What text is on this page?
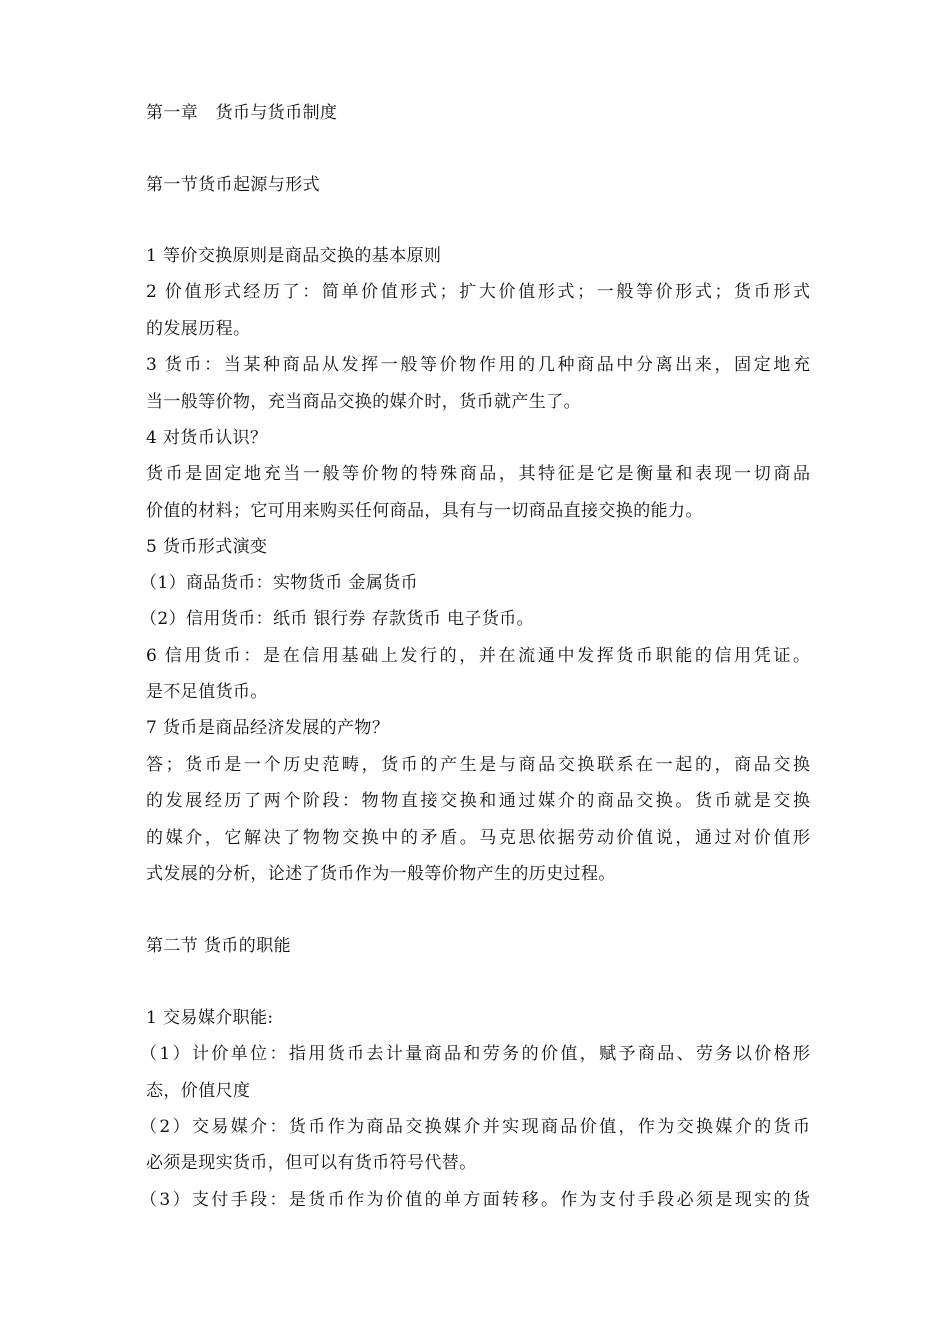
第一章　货币与货币制度
第一节货币起源与形式
1 等价交换原则是商品交换的基本原则
2 价值形式经历了：简单价值形式；扩大价值形式；一般等价形式；货币形式
的发展历程。
3 货币：当某种商品从发挥一般等价物作用的几种商品中分离出来，固定地充
当一般等价物，充当商品交换的媒介时，货币就产生了。
4 对货币认识？
货币是固定地充当一般等价物的特殊商品，其特征是它是衡量和表现一切商品
价值的材料；它可用来购买任何商品，具有与一切商品直接交换的能力。
5 货币形式演变
（1）商品货币：实物货币 金属货币
（2）信用货币：纸币 银行券 存款货币 电子货币。
6 信用货币：是在信用基础上发行的，并在流通中发挥货币职能的信用凭证。
是不足值货币。
7 货币是商品经济发展的产物？
答；货币是一个历史范畴，货币的产生是与商品交换联系在一起的，商品交换
的发展经历了两个阶段：物物直接交换和通过媒介的商品交换。货币就是交换
的媒介，它解决了物物交换中的矛盾。马克思依据劳动价值说，通过对价值形
式发展的分析，论述了货币作为一般等价物产生的历史过程。
第二节 货币的职能
1 交易媒介职能:
（1）计价单位：指用货币去计量商品和劳务的价值，赋予商品、劳务以价格形
态，价值尺度
（2）交易媒介：货币作为商品交换媒介并实现商品价值，作为交换媒介的货币
必须是现实货币，但可以有货币符号代替。
（3）支付手段：是货币作为价值的单方面转移。作为支付手段必须是现实的货
